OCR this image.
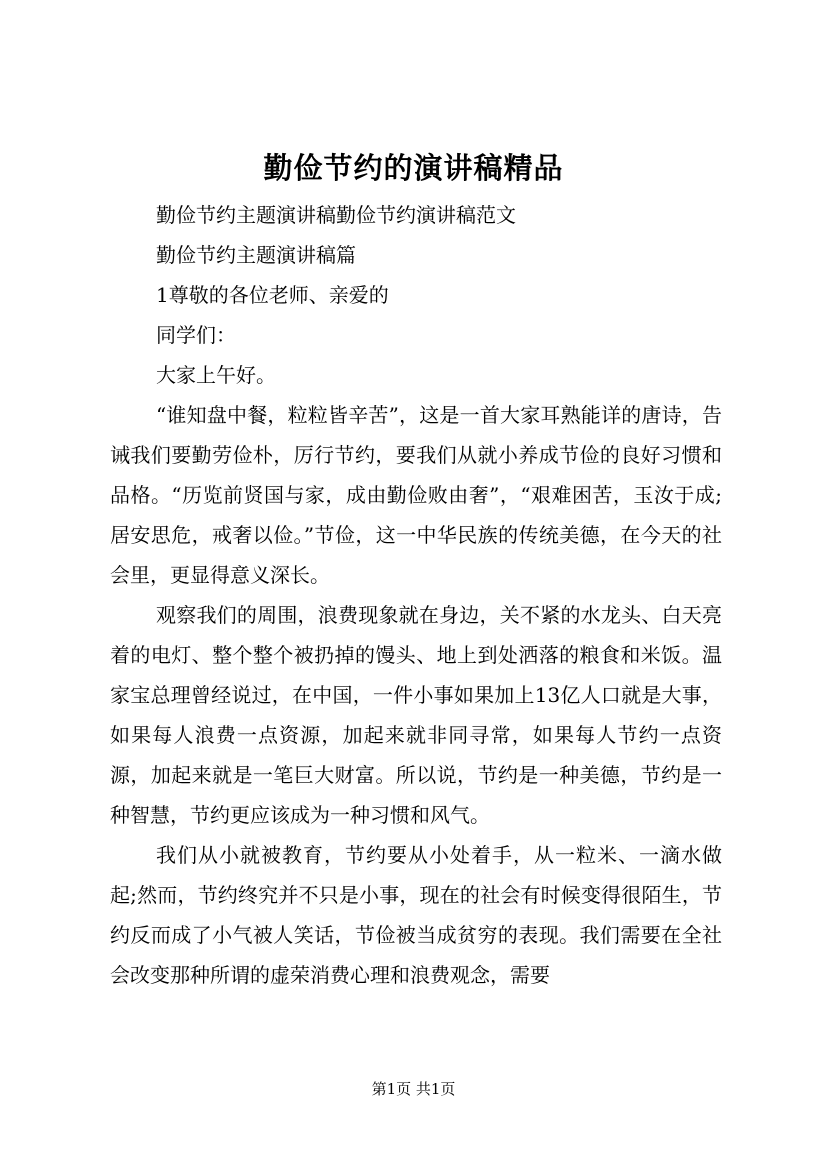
勤俭节约的演讲稿精品

勤俭节约主题演讲稿勤俭节约演讲稿范文

勤俭节约主题演讲稿篇

1尊敬的各位老师、亲爱的

同学们：

大家上午好。

“谁知盘中餐，粒粒皆辛苦”，这是一首大家耳熟能详的唐诗，告诫我们要勤劳俭朴，厉行节约，要我们从就小养成节俭的良好习惯和品格。“历览前贤国与家，成由勤俭败由奢”，“艰难困苦，玉汝于成;居安思危，戒奢以俭。”节俭，这一中华民族的传统美德，在今天的社会里，更显得意义深长。

观察我们的周围，浪费现象就在身边，关不紧的水龙头、白天亮着的电灯、整个整个被扔掉的馒头、地上到处洒落的粮食和米饭。温家宝总理曾经说过，在中国，一件小事如果加上13亿人口就是大事，如果每人浪费一点资源，加起来就非同寻常，如果每人节约一点资源，加起来就是一笔巨大财富。所以说，节约是一种美德，节约是一种智慧，节约更应该成为一种习惯和风气。

我们从小就被教育，节约要从小处着手，从一粒米、一滴水做起;然而，节约终究并不只是小事，现在的社会有时候变得很陌生，节约反而成了小气被人笑话，节俭被当成贫穷的表现。我们需要在全社会改变那种所谓的虚荣消费心理和浪费观念，需要

第1页 共1页
